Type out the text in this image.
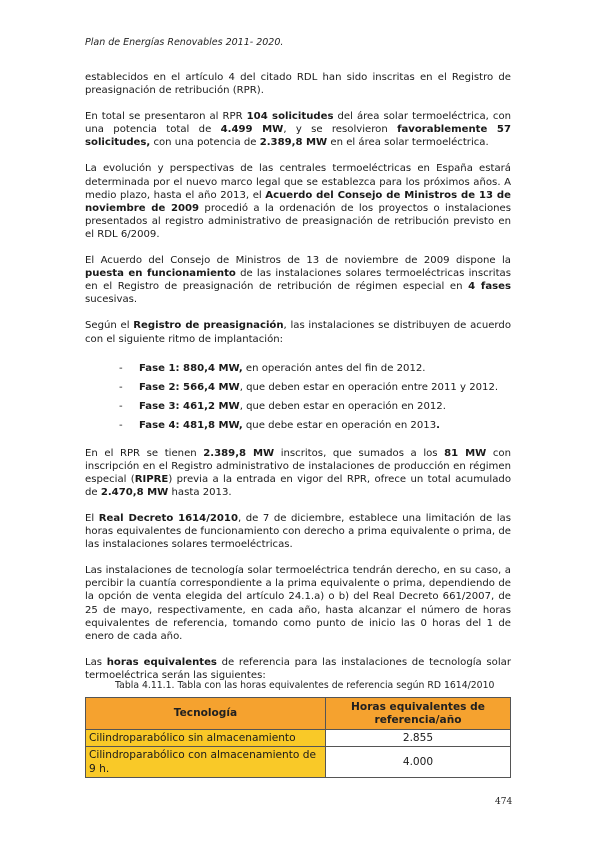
Plan de Energías Renovables 2011- 2020.

establecidos en el artículo 4 del citado RDL han sido inscritas en el Registro de preasignación de retribución (RPR).

En total se presentaron al RPR 104 solicitudes del área solar termoeléctrica, con una potencia total de 4.499 MW, y se resolvieron favorablemente 57 solicitudes, con una potencia de 2.389,8 MW en el área solar termoeléctrica.

La evolución y perspectivas de las centrales termoeléctricas en España estará determinada por el nuevo marco legal que se establezca para los próximos años. A medio plazo, hasta el año 2013, el Acuerdo del Consejo de Ministros de 13 de noviembre de 2009 procedió a la ordenación de los proyectos o instalaciones presentados al registro administrativo de preasignación de retribución previsto en el RDL 6/2009.

El Acuerdo del Consejo de Ministros de 13 de noviembre de 2009 dispone la puesta en funcionamiento de las instalaciones solares termoeléctricas inscritas en el Registro de preasignación de retribución de régimen especial en 4 fases sucesivas.

Según el Registro de preasignación, las instalaciones se distribuyen de acuerdo con el siguiente ritmo de implantación:

- Fase 1: 880,4 MW, en operación antes del fin de 2012.
- Fase 2: 566,4 MW, que deben estar en operación entre 2011 y 2012.
- Fase 3: 461,2 MW, que deben estar en operación en 2012.
- Fase 4: 481,8 MW, que debe estar en operación en 2013.

En el RPR se tienen 2.389,8 MW inscritos, que sumados a los 81 MW con inscripción en el Registro administrativo de instalaciones de producción en régimen especial (RIPRE) previa a la entrada en vigor del RPR, ofrece un total acumulado de 2.470,8 MW hasta 2013.

El Real Decreto 1614/2010, de 7 de diciembre, establece una limitación de las horas equivalentes de funcionamiento con derecho a prima equivalente o prima, de las instalaciones solares termoeléctricas.

Las instalaciones de tecnología solar termoeléctrica tendrán derecho, en su caso, a percibir la cuantía correspondiente a la prima equivalente o prima, dependiendo de la opción de venta elegida del artículo 24.1.a) o b) del Real Decreto 661/2007, de 25 de mayo, respectivamente, en cada año, hasta alcanzar el número de horas equivalentes de referencia, tomando como punto de inicio las 0 horas del 1 de enero de cada año.

Las horas equivalentes de referencia para las instalaciones de tecnología solar termoeléctrica serán las siguientes:

Tabla 4.11.1. Tabla con las horas equivalentes de referencia según RD 1614/2010
Tecnología	Horas equivalentes de referencia/año
Cilindroparabólico sin almacenamiento	2.855
Cilindroparabólico con almacenamiento de 9 h.	4.000
474
